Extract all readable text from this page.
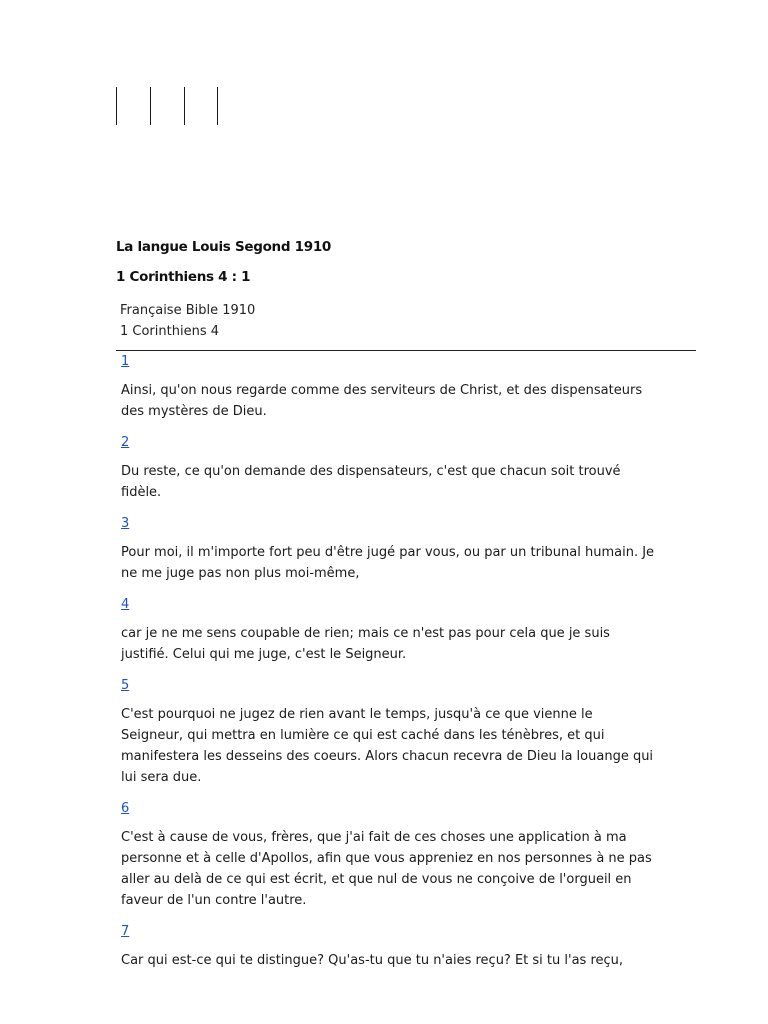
La langue Louis Segond 1910
1 Corinthiens 4 : 1
Française Bible 1910
1 Corinthiens 4
1

Ainsi, qu'on nous regarde comme des serviteurs de Christ, et des dispensateurs des mystères de Dieu.

2

Du reste, ce qu'on demande des dispensateurs, c'est que chacun soit trouvé fidèle.

3

Pour moi, il m'importe fort peu d'être jugé par vous, ou par un tribunal humain. Je ne me juge pas non plus moi-même,

4

car je ne me sens coupable de rien; mais ce n'est pas pour cela que je suis justifié. Celui qui me juge, c'est le Seigneur.

5

C'est pourquoi ne jugez de rien avant le temps, jusqu'à ce que vienne le Seigneur, qui mettra en lumière ce qui est caché dans les ténèbres, et qui manifestera les desseins des coeurs. Alors chacun recevra de Dieu la louange qui lui sera due.

6

C'est à cause de vous, frères, que j'ai fait de ces choses une application à ma personne et à celle d'Apollos, afin que vous appreniez en nos personnes à ne pas aller au delà de ce qui est écrit, et que nul de vous ne conçoive de l'orgueil en faveur de l'un contre l'autre.

7

Car qui est-ce qui te distingue? Qu'as-tu que tu n'aies reçu? Et si tu l'as reçu,
